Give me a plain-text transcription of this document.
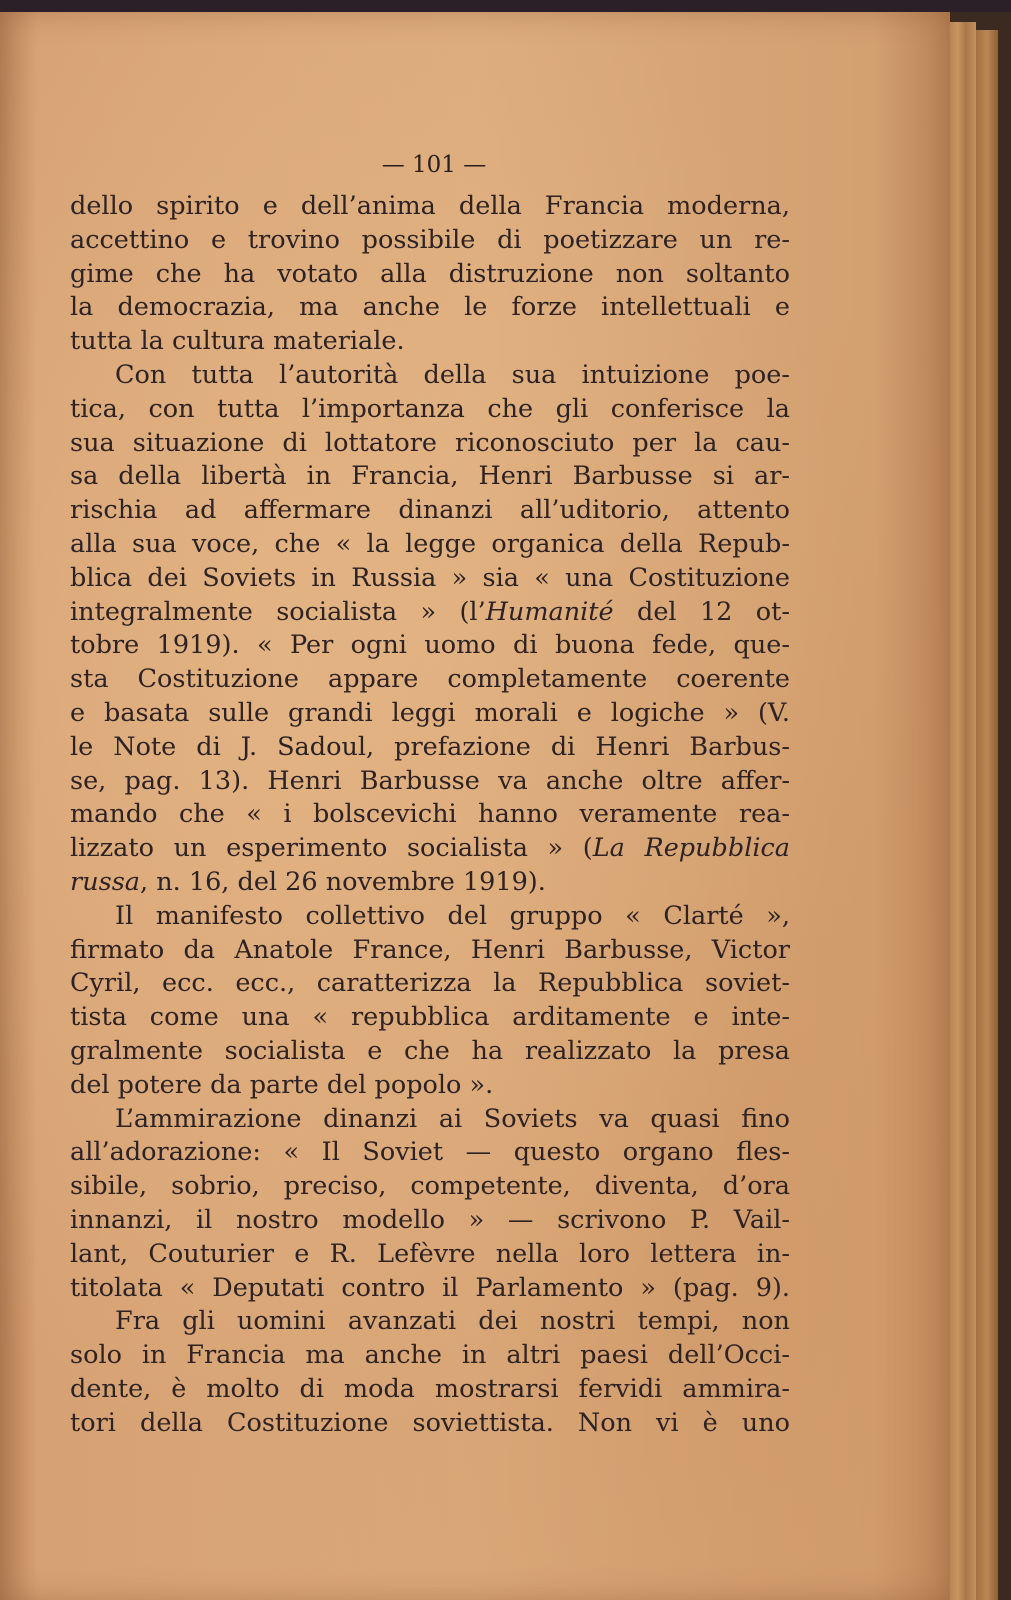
— 101 —
dello spirito e dell’anima della Francia moderna,
accettino e trovino possibile di poetizzare un re-
gime che ha votato alla distruzione non soltanto
la democrazia, ma anche le forze intellettuali e
tutta la cultura materiale.
Con tutta l’autorità della sua intuizione poe-
tica, con tutta l’importanza che gli conferisce la
sua situazione di lottatore riconosciuto per la cau-
sa della libertà in Francia, Henri Barbusse si ar-
rischia ad affermare dinanzi all’uditorio, attento
alla sua voce, che « la legge organica della Repub-
blica dei Soviets in Russia » sia « una Costituzione
integralmente socialista » (l’Humanité del 12 ot-
tobre 1919). « Per ogni uomo di buona fede, que-
sta Costituzione appare completamente coerente
e basata sulle grandi leggi morali e logiche » (V.
le Note di J. Sadoul, prefazione di Henri Barbus-
se, pag. 13). Henri Barbusse va anche oltre affer-
mando che « i bolscevichi hanno veramente rea-
lizzato un esperimento socialista » (La Repubblica
russa, n. 16, del 26 novembre 1919).
Il manifesto collettivo del gruppo « Clarté »,
firmato da Anatole France, Henri Barbusse, Victor
Cyril, ecc. ecc., caratterizza la Repubblica soviet-
tista come una « repubblica arditamente e inte-
gralmente socialista e che ha realizzato la presa
del potere da parte del popolo ».
L’ammirazione dinanzi ai Soviets va quasi fino
all’adorazione: « Il Soviet — questo organo fles-
sibile, sobrio, preciso, competente, diventa, d’ora
innanzi, il nostro modello » — scrivono P. Vail-
lant, Couturier e R. Lefèvre nella loro lettera in-
titolata « Deputati contro il Parlamento » (pag. 9).
Fra gli uomini avanzati dei nostri tempi, non
solo in Francia ma anche in altri paesi dell’Occi-
dente, è molto di moda mostrarsi fervidi ammira-
tori della Costituzione soviettista. Non vi è uno
